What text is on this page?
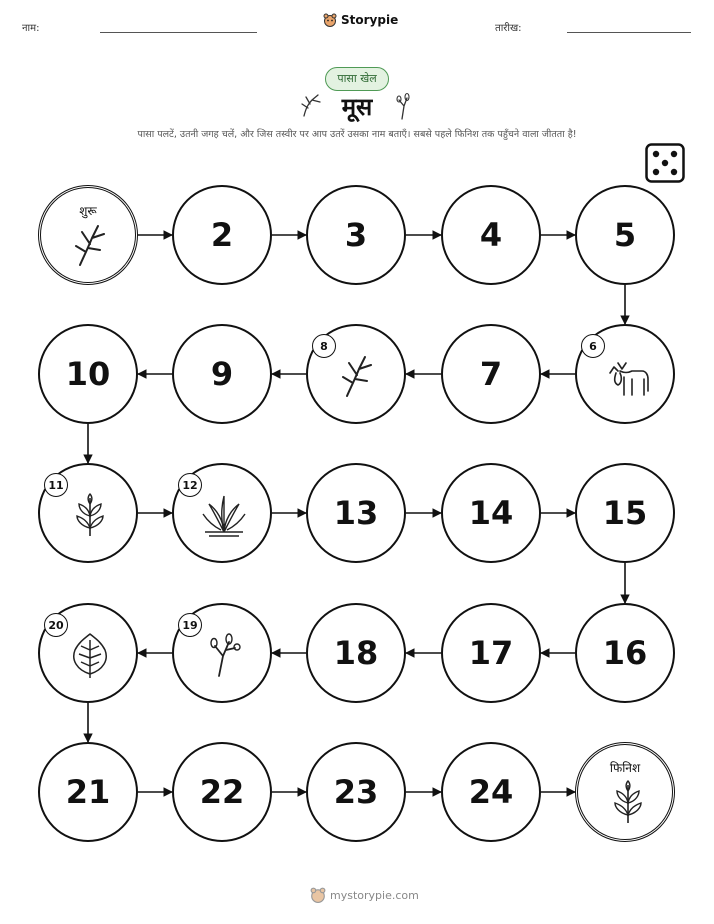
नाम:
Storypie
तारीख:
पासा खेल
मूस
पासा पलटें, उतनी जगह चलें, और जिस तस्वीर पर आप उतरें उसका नाम बताएँ। सबसे पहले फिनिश तक पहुँचने वाला जीतता है!
शुरू
2	3	4	5
6
7
8
9
10
11	12
13	14	15
16
17
18
19
20
21	22	23	24
फिनिश
mystorypie.com
